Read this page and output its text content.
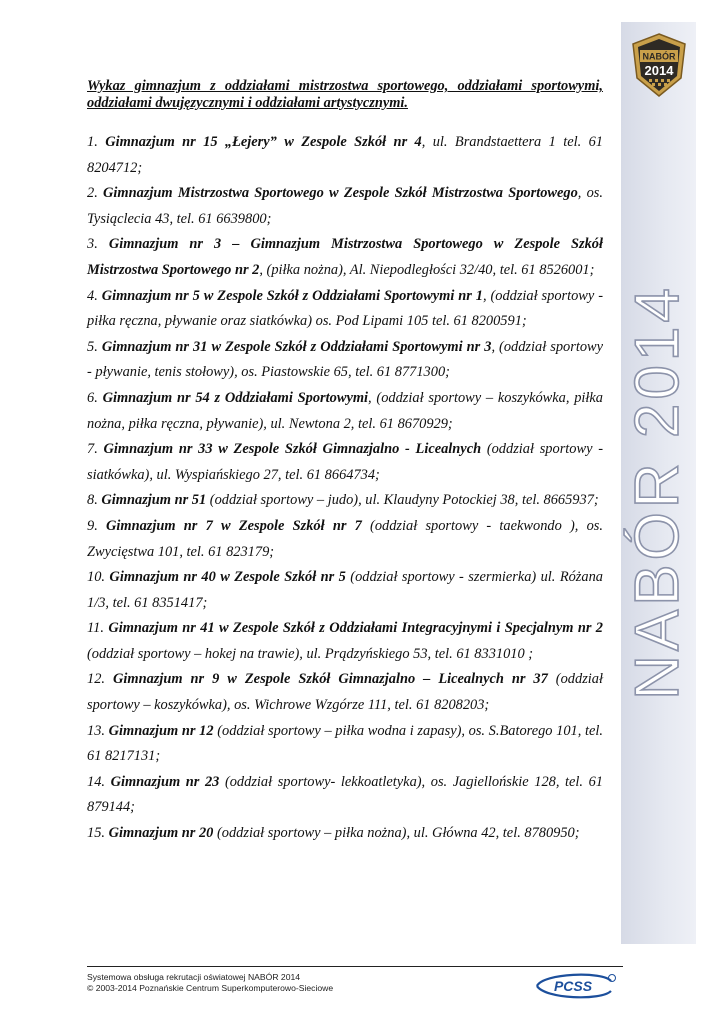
NABÓR
2014
NABÓR 2014

Wykaz gimnazjum z oddziałami mistrzostwa sportowego, oddziałami sportowymi, oddziałami dwujęzycznymi i oddziałami artystycznymi.

1. Gimnazjum nr 15 „Łejery” w Zespole Szkół nr 4, ul. Brandstaettera 1 tel. 61 8204712;

2. Gimnazjum Mistrzostwa Sportowego w Zespole Szkół Mistrzostwa Sportowego, os. Tysiąclecia 43, tel. 61 6639800;

3. Gimnazjum nr 3 – Gimnazjum Mistrzostwa Sportowego w Zespole Szkół Mistrzostwa Sportowego nr 2, (piłka nożna), Al. Niepodległości 32/40, tel. 61 8526001;

4. Gimnazjum nr 5 w Zespole Szkół z Oddziałami Sportowymi nr 1, (oddział sportowy - piłka ręczna, pływanie oraz siatkówka) os. Pod Lipami 105 tel. 61 8200591;

5. Gimnazjum nr 31 w Zespole Szkół z Oddziałami Sportowymi nr 3, (oddział sportowy - pływanie, tenis stołowy), os. Piastowskie 65, tel. 61 8771300;

6. Gimnazjum nr 54 z Oddziałami Sportowymi, (oddział sportowy – koszykówka, piłka nożna, piłka ręczna, pływanie), ul. Newtona 2, tel. 61 8670929;

7. Gimnazjum nr 33 w Zespole Szkół Gimnazjalno - Licealnych (oddział sportowy - siatkówka), ul. Wyspiańskiego 27, tel. 61 8664734;

8. Gimnazjum nr 51 (oddział sportowy – judo), ul. Klaudyny Potockiej 38, tel. 8665937;

9. Gimnazjum nr 7 w Zespole Szkół nr 7 (oddział sportowy - taekwondo ), os. Zwycięstwa 101, tel. 61 823179;

10. Gimnazjum nr 40 w Zespole Szkół nr 5 (oddział sportowy - szermierka) ul. Różana 1/3, tel. 61 8351417;

11. Gimnazjum nr 41 w Zespole Szkół z Oddziałami Integracyjnymi i Specjalnym nr 2 (oddział sportowy – hokej na trawie), ul. Prądzyńskiego 53, tel. 61 8331010 ;

12. Gimnazjum nr 9 w Zespole Szkół Gimnazjalno – Licealnych nr 37 (oddział sportowy – koszykówka), os. Wichrowe Wzgórze 111, tel. 61 8208203;

13. Gimnazjum nr 12 (oddział sportowy – piłka wodna i zapasy), os. S.Batorego 101, tel. 61 8217131;

14. Gimnazjum nr 23 (oddział sportowy- lekkoatletyka), os. Jagiellońskie 128, tel. 61 879144;

15. Gimnazjum nr 20 (oddział sportowy – piłka nożna), ul. Główna 42, tel. 8780950;

Systemowa obsługa rekrutacji oświatowej NABÓR 2014
© 2003-2014 Poznańskie Centrum Superkomputerowo-Sieciowe	PCSS
